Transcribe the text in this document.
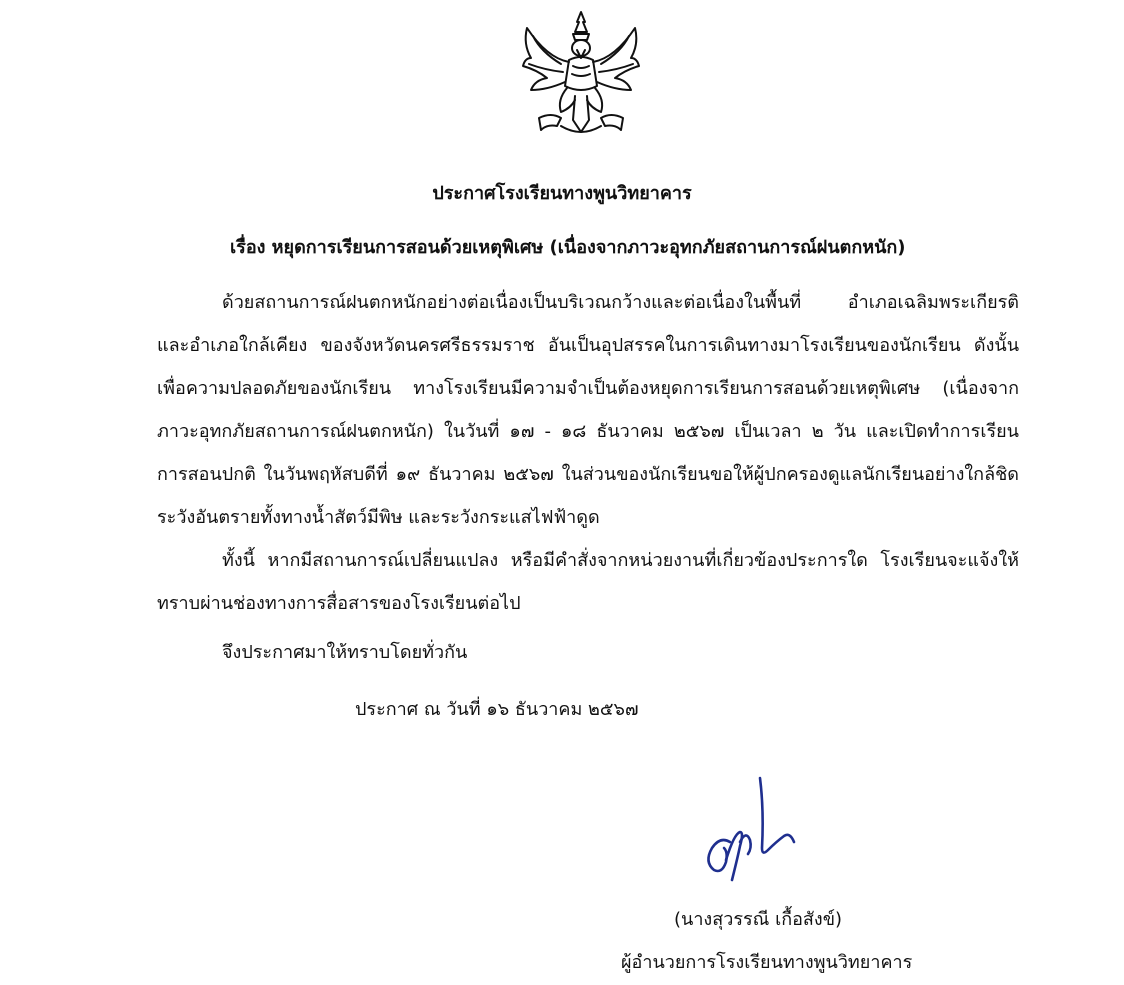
ประกาศโรงเรียนทางพูนวิทยาคาร
เรื่อง หยุดการเรียนการสอนด้วยเหตุพิเศษ (เนื่องจากภาวะอุทกภัยสถานการณ์ฝนตกหนัก)
ด้วยสถานการณ์ฝนตกหนักอย่างต่อเนื่องเป็นบริเวณกว้างและต่อเนื่องในพื้นที่ อำเภอเฉลิมพระเกียรติ
และอำเภอใกล้เคียง ของจังหวัดนครศรีธรรมราช อันเป็นอุปสรรคในการเดินทางมาโรงเรียนของนักเรียน ดังนั้น
เพื่อความปลอดภัยของนักเรียน ทางโรงเรียนมีความจำเป็นต้องหยุดการเรียนการสอนด้วยเหตุพิเศษ (เนื่องจาก
ภาวะอุทกภัยสถานการณ์ฝนตกหนัก) ในวันที่ ๑๗ - ๑๘ ธันวาคม ๒๕๖๗ เป็นเวลา ๒ วัน และเปิดทำการเรียน
การสอนปกติ ในวันพฤหัสบดีที่ ๑๙ ธันวาคม ๒๕๖๗ ในส่วนของนักเรียนขอให้ผู้ปกครองดูแลนักเรียนอย่างใกล้ชิด
ระวังอันตรายทั้งทางน้ำสัตว์มีพิษ และระวังกระแสไฟฟ้าดูด
ทั้งนี้ หากมีสถานการณ์เปลี่ยนแปลง หรือมีคำสั่งจากหน่วยงานที่เกี่ยวข้องประการใด โรงเรียนจะแจ้งให้
ทราบผ่านช่องทางการสื่อสารของโรงเรียนต่อไป
จึงประกาศมาให้ทราบโดยทั่วกัน
ประกาศ ณ วันที่ ๑๖ ธันวาคม ๒๕๖๗
(นางสุวรรณี เกื้อสังข์)
ผู้อำนวยการโรงเรียนทางพูนวิทยาคาร
